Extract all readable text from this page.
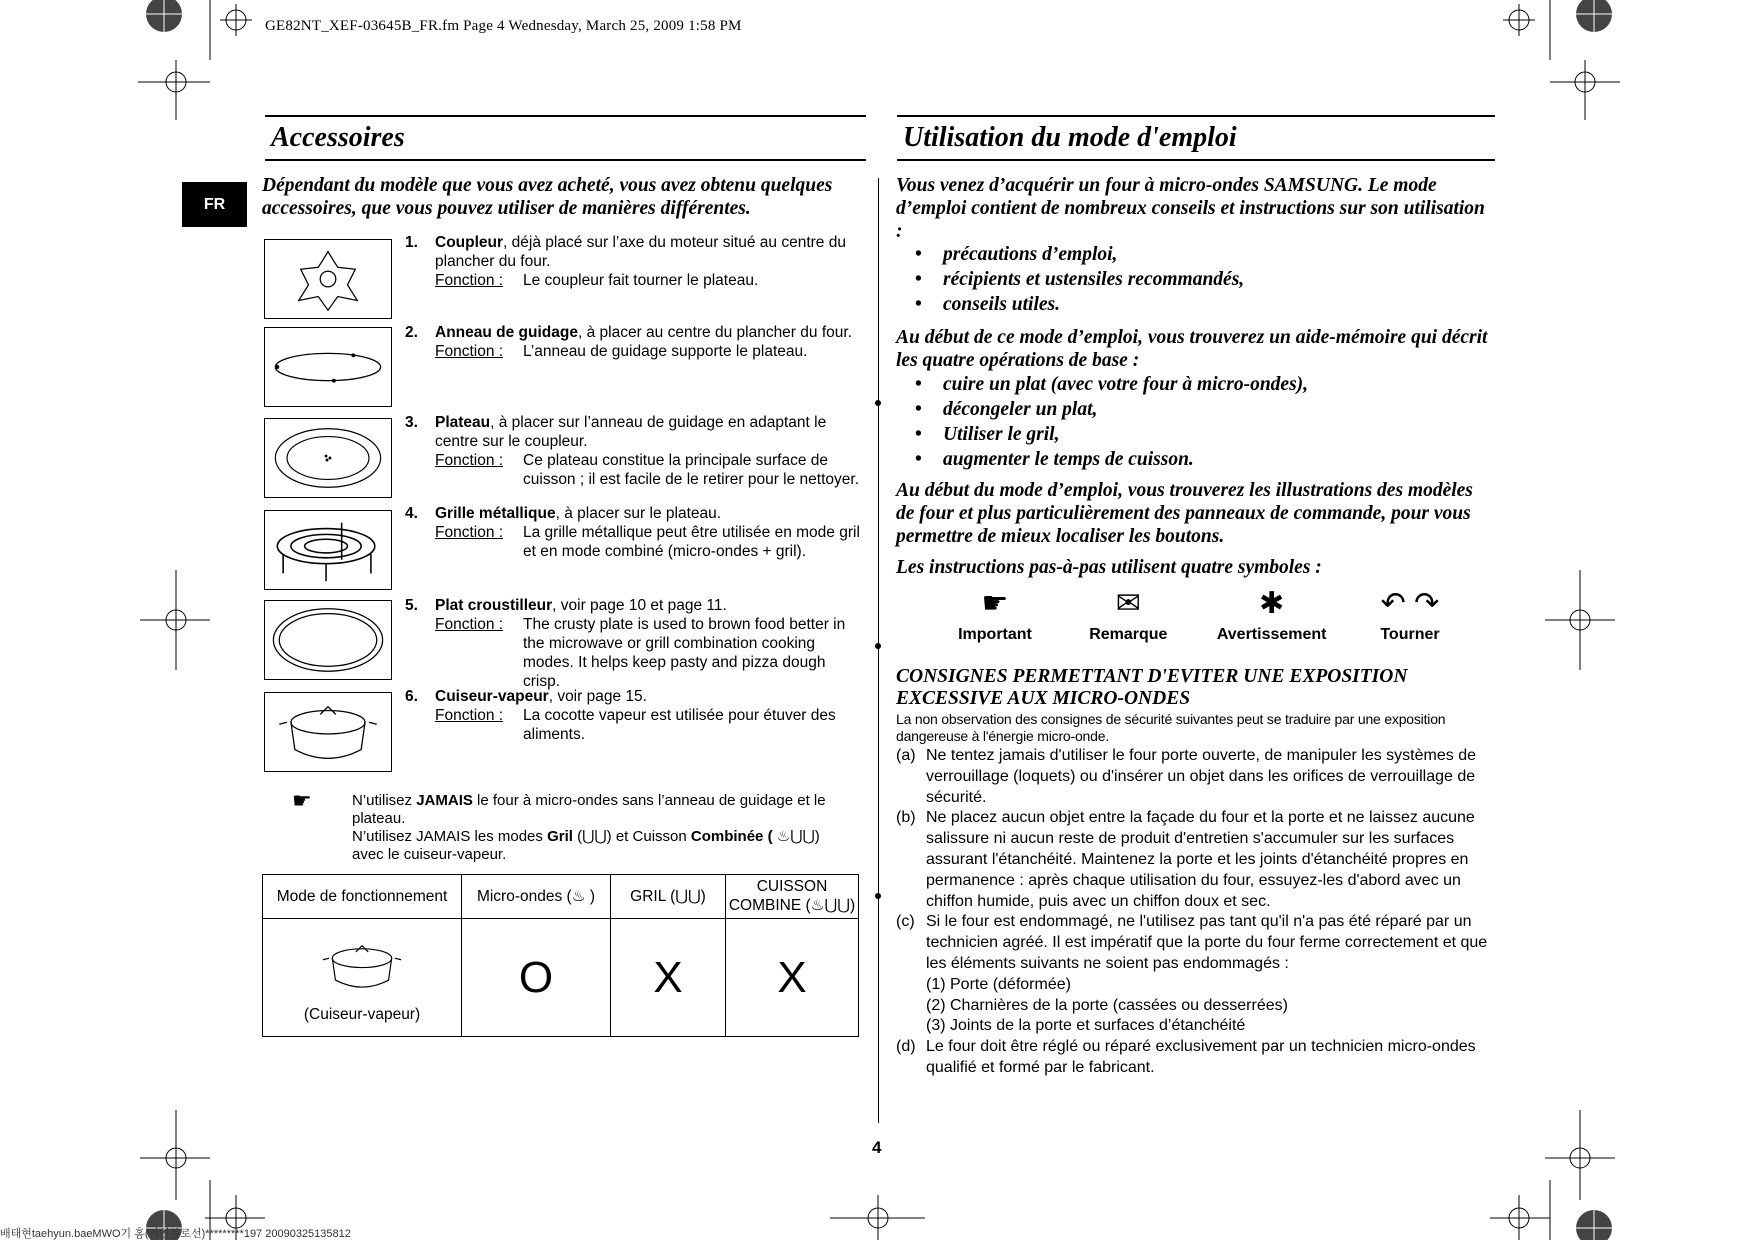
GE82NT_XEF-03645B_FR.fm Page 4 Wednesday, March 25, 2009 1:58 PM
FR
Accessoires
Dépendant du modèle que vous avez acheté, vous avez obtenu quelques accessoires, que vous pouvez utiliser de manières différentes.
1. Coupleur, déjà placé sur l’axe du moteur situé au centre du plancher du four.
Fonction :	Le coupleur fait tourner le plateau.
2. Anneau de guidage, à placer au centre du plancher du four.
Fonction :	L’anneau de guidage supporte le plateau.
3. Plateau, à placer sur l’anneau de guidage en adaptant le centre sur le coupleur.
Fonction :	Ce plateau constitue la principale surface de cuisson ; il est facile de le retirer pour le nettoyer.
4. Grille métallique, à placer sur le plateau.
Fonction :	La grille métallique peut être utilisée en mode gril et en mode combiné (micro-ondes + gril).
5. Plat croustilleur, voir page 10 et page 11.
Fonction :	The crusty plate is used to brown food better in the microwave or grill combination cooking modes. It helps keep pasty and pizza dough crisp.
6. Cuiseur-vapeur, voir page 15.
Fonction :	La cocotte vapeur est utilisée pour étuver des aliments.
☛	N’utilisez JAMAIS le four à micro-ondes sans l’anneau de guidage et le plateau.
N’utilisez JAMAIS les modes Gril (⋃⋃) et Cuisson Combinée ( ♨⋃⋃)
avec le cuiseur-vapeur.
Mode de fonctionnement	Micro-ondes (♨ )	GRIL (⋃⋃)	CUISSON COMBINE (♨⋃⋃)

(Cuiseur-vapeur)	O	X	X
Utilisation du mode d'emploi
Vous venez d’acquérir un four à micro-ondes SAMSUNG. Le mode d’emploi contient de nombreux conseils et instructions sur son utilisation :
• précautions d’emploi,
• récipients et ustensiles recommandés,
• conseils utiles.
Au début de ce mode d’emploi, vous trouverez un aide-mémoire qui décrit les quatre opérations de base :
• cuire un plat (avec votre four à micro-ondes),
• décongeler un plat,
• Utiliser le gril,
• augmenter le temps de cuisson.
Au début du mode d’emploi, vous trouverez les illustrations des modèles de four et plus particulièrement des panneaux de commande, pour vous permettre de mieux localiser les boutons.
Les instructions pas-à-pas utilisent quatre symboles :
☛
Important
✉
Remarque
✱
Avertissement
↶ ↷
Tourner
CONSIGNES PERMETTANT D'EVITER UNE EXPOSITION EXCESSIVE AUX MICRO-ONDES
La non observation des consignes de sécurité suivantes peut se traduire par une exposition dangereuse à l'énergie micro-onde.
(a) Ne tentez jamais d'utiliser le four porte ouverte, de manipuler les systèmes de verrouillage (loquets) ou d'insérer un objet dans les orifices de verrouillage de sécurité.
(b) Ne placez aucun objet entre la façade du four et la porte et ne laissez aucune salissure ni aucun reste de produit d'entretien s'accumuler sur les surfaces assurant l'étanchéité. Maintenez la porte et les joints d'étanchéité propres en permanence : après chaque utilisation du four, essuyez-les d'abord avec un chiffon humide, puis avec un chiffon doux et sec.
(c) Si le four est endommagé, ne l'utilisez pas tant qu'il n'a pas été réparé par un technicien agréé. Il est impératif que la porte du four ferme correctement et que les éléments suivants ne soient pas endommagés :
(1) Porte (déformée)
(2) Charnières de la porte (cassées ou desserrées)
(3) Joints de la porte et surfaces d’étanchéité
(d) Le four doit être réglé ou réparé exclusivement par un technicien micro-ondes qualifié et formé par le fabricant.
4
배태현taehyun.baeMWO기 홈(키친블로선)*********197 20090325135812
